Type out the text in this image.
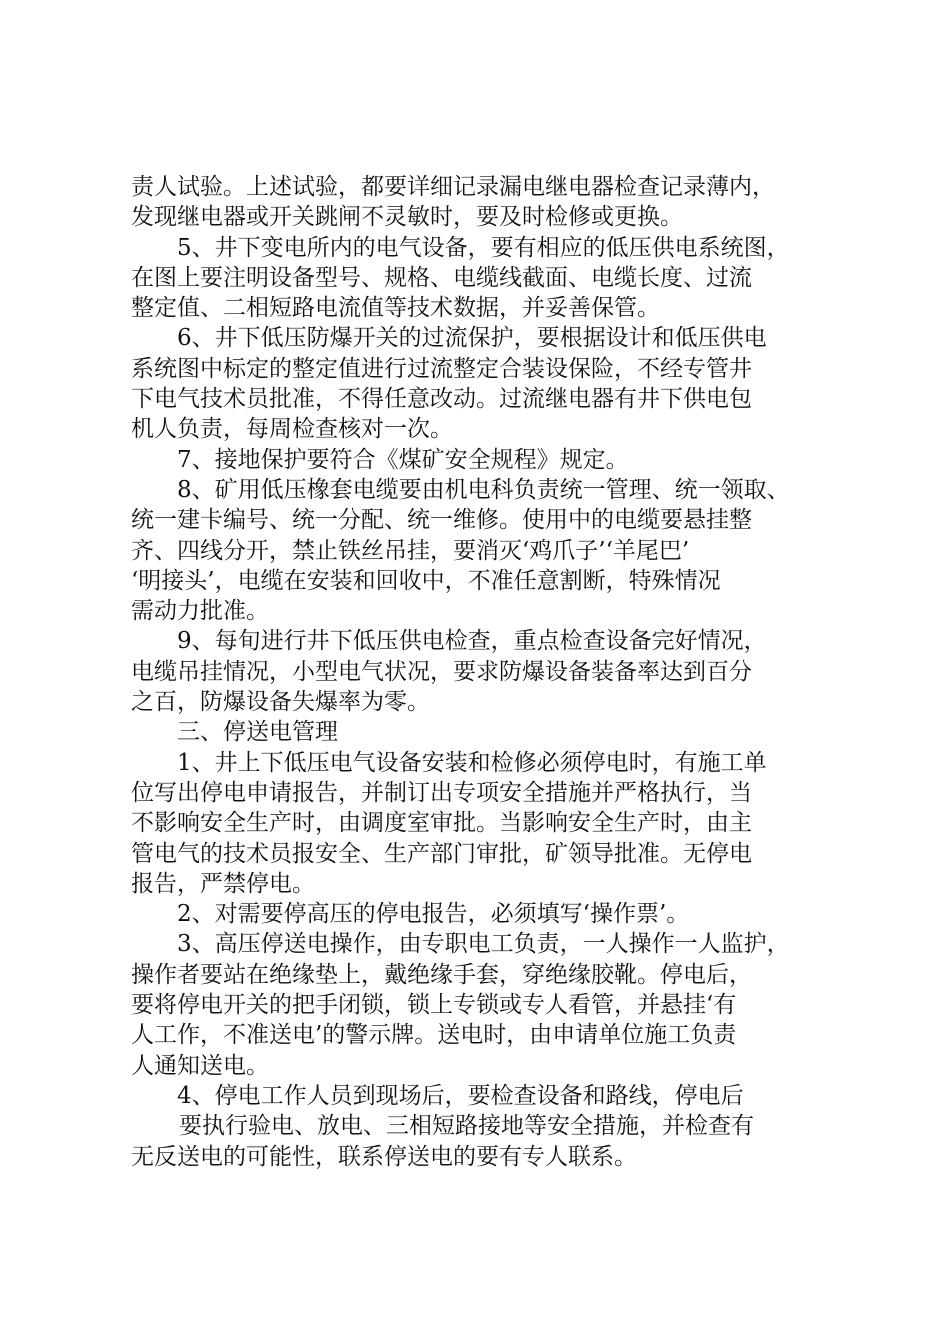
责人试验。上述试验，都要详细记录漏电继电器检查记录薄内，
发现继电器或开关跳闸不灵敏时，要及时检修或更换。
5、井下变电所内的电气设备，要有相应的低压供电系统图，
在图上要注明设备型号、规格、电缆线截面、电缆长度、过流
整定值、二相短路电流值等技术数据，并妥善保管。
6、井下低压防爆开关的过流保护，要根据设计和低压供电
系统图中标定的整定值进行过流整定合装设保险，不经专管井
下电气技术员批准，不得任意改动。过流继电器有井下供电包
机人负责，每周检查核对一次。
7、接地保护要符合《煤矿安全规程》规定。
8、矿用低压橡套电缆要由机电科负责统一管理、统一领取、
统一建卡编号、统一分配、统一维修。使用中的电缆要悬挂整
齐、四线分开，禁止铁丝吊挂，要消灭‘鸡爪子’‘羊尾巴’
‘明接头’，电缆在安装和回收中，不准任意割断，特殊情况
需动力批准。
9、每旬进行井下低压供电检查，重点检查设备完好情况，
电缆吊挂情况，小型电气状况，要求防爆设备装备率达到百分
之百，防爆设备失爆率为零。
三、停送电管理
1、井上下低压电气设备安装和检修必须停电时，有施工单
位写出停电申请报告，并制订出专项安全措施并严格执行，当
不影响安全生产时，由调度室审批。当影响安全生产时，由主
管电气的技术员报安全、生产部门审批，矿领导批准。无停电
报告，严禁停电。
2、对需要停高压的停电报告，必须填写‘操作票’。
3、高压停送电操作，由专职电工负责，一人操作一人监护，
操作者要站在绝缘垫上，戴绝缘手套，穿绝缘胶靴。停电后，
要将停电开关的把手闭锁，锁上专锁或专人看管，并悬挂‘有
人工作，不准送电’的警示牌。送电时，由申请单位施工负责
人通知送电。
4、停电工作人员到现场后，要检查设备和路线，停电后
要执行验电、放电、三相短路接地等安全措施，并检查有
无反送电的可能性，联系停送电的要有专人联系。
